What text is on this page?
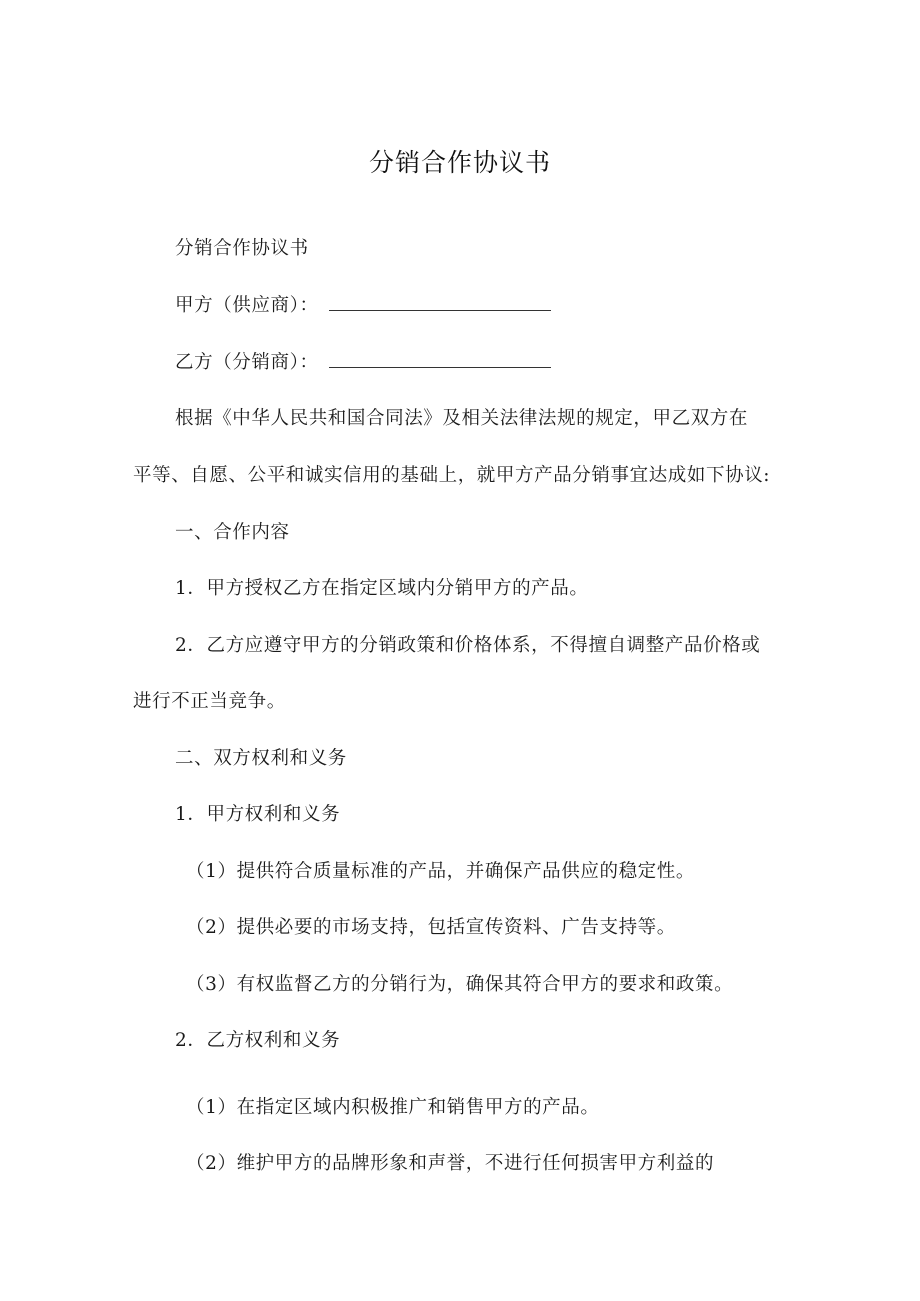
分销合作协议书
分销合作协议书
甲方（供应商）：
乙方（分销商）：
根据《中华人民共和国合同法》及相关法律法规的规定，甲乙双方在
平等、自愿、公平和诚实信用的基础上，就甲方产品分销事宜达成如下协议:
一、合作内容
1．甲方授权乙方在指定区域内分销甲方的产品。
2．乙方应遵守甲方的分销政策和价格体系，不得擅自调整产品价格或
进行不正当竞争。
二、双方权利和义务
1．甲方权利和义务
（1）提供符合质量标准的产品，并确保产品供应的稳定性。
（2）提供必要的市场支持，包括宣传资料、广告支持等。
（3）有权监督乙方的分销行为，确保其符合甲方的要求和政策。
2．乙方权利和义务
（1）在指定区域内积极推广和销售甲方的产品。
（2）维护甲方的品牌形象和声誉，不进行任何损害甲方利益的
